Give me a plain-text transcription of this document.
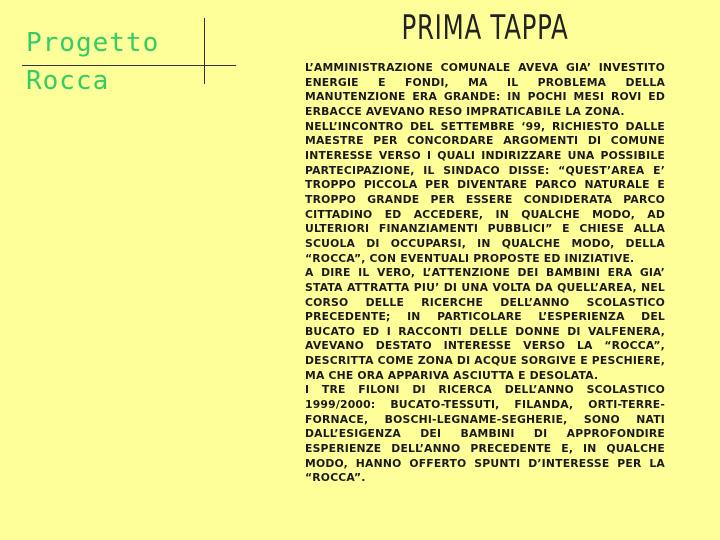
Progetto
Rocca
PRIMA TAPPA

L’AMMINISTRAZIONE COMUNALE AVEVA GIA’ INVESTITO ENERGIE E FONDI, MA IL PROBLEMA DELLA MANUTENZIONE ERA GRANDE: IN POCHI MESI ROVI ED ERBACCE AVEVANO RESO IMPRATICABILE LA ZONA.

NELL’INCONTRO DEL SETTEMBRE ‘99, RICHIESTO DALLE MAESTRE PER CONCORDARE ARGOMENTI DI COMUNE INTERESSE VERSO I QUALI INDIRIZZARE UNA POSSIBILE PARTECIPAZIONE, IL SINDACO DISSE: “QUEST’AREA E’ TROPPO PICCOLA PER DIVENTARE PARCO NATURALE E TROPPO GRANDE PER ESSERE CONDIDERATA PARCO CITTADINO ED ACCEDERE, IN QUALCHE MODO, AD ULTERIORI FINANZIAMENTI PUBBLICI” E CHIESE ALLA SCUOLA DI OCCUPARSI, IN QUALCHE MODO, DELLA “ROCCA”, CON EVENTUALI PROPOSTE ED INIZIATIVE.

A DIRE IL VERO, L’ATTENZIONE DEI BAMBINI ERA GIA’ STATA ATTRATTA PIU’ DI UNA VOLTA DA QUELL’AREA, NEL CORSO DELLE RICERCHE DELL’ANNO SCOLASTICO PRECEDENTE; IN PARTICOLARE L’ESPERIENZA DEL BUCATO ED I RACCONTI DELLE DONNE DI VALFENERA, AVEVANO DESTATO INTERESSE VERSO LA “ROCCA”, DESCRITTA COME ZONA DI ACQUE SORGIVE E PESCHIERE, MA CHE ORA APPARIVA ASCIUTTA E DESOLATA.

I TRE FILONI DI RICERCA DELL’ANNO SCOLASTICO 1999/2000: BUCATO-TESSUTI, FILANDA, ORTI-TERRE-FORNACE, BOSCHI-LEGNAME-SEGHERIE, SONO NATI DALL’ESIGENZA DEI BAMBINI DI APPROFONDIRE ESPERIENZE DELL’ANNO PRECEDENTE E, IN QUALCHE MODO, HANNO OFFERTO SPUNTI D’INTERESSE PER LA “ROCCA”.
